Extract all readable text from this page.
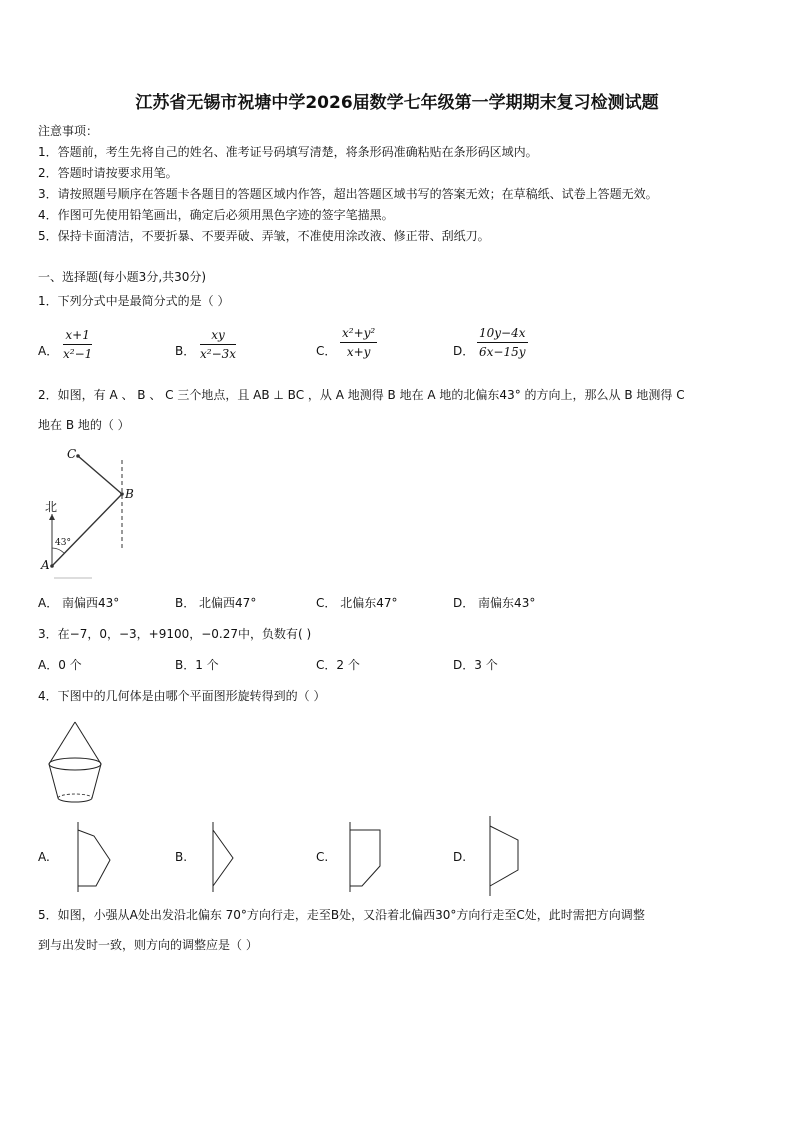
江苏省无锡市祝塘中学2026届数学七年级第一学期期末复习检测试题
注意事项：
1．答题前，考生先将自己的姓名、准考证号码填写清楚，将条形码准确粘贴在条形码区域内。
2．答题时请按要求用笔。
3．请按照题号顺序在答题卡各题目的答题区域内作答，超出答题区域书写的答案无效；在草稿纸、试卷上答题无效。
4．作图可先使用铅笔画出，确定后必须用黑色字迹的签字笔描黑。
5．保持卡面清洁，不要折暴、不要弄破、弄皱，不准使用涂改液、修正带、刮纸刀。
一、选择题(每小题3分,共30分)
1．下列分式中是最简分式的是（ ）
A． $\frac{x+1}{\text{x²−1}}$	B． $\frac{xy}{\text{x²−3x}}$	C． $\frac{\text{x²+y²}}{x+y}$	D． $\frac{10y-4x}{6x-15y}$
2．如图，有 A 、 B 、 C 三个地点，且 AB ⊥ BC ，从 A 地测得 B 地在 A 地的北偏东43° 的方向上，那么从 B 地测得 C
地在 B 地的（ ）
北
43°
C
B
A
A． 南偏西43°	B． 北偏西47°	C． 北偏东47°	D． 南偏东43°
3．在−7，0，−3，+9100，−0.27中，负数有( )
A．0 个	B．1 个	C．2 个	D．3 个
4．下图中的几何体是由哪个平面图形旋转得到的（ ）
A.	B.	C.	D.
5．如图，小强从A处出发沿北偏东 70°方向行走，走至B处，又沿着北偏西30°方向行走至C处，此时需把方向调整
到与出发时一致，则方向的调整应是（ ）
